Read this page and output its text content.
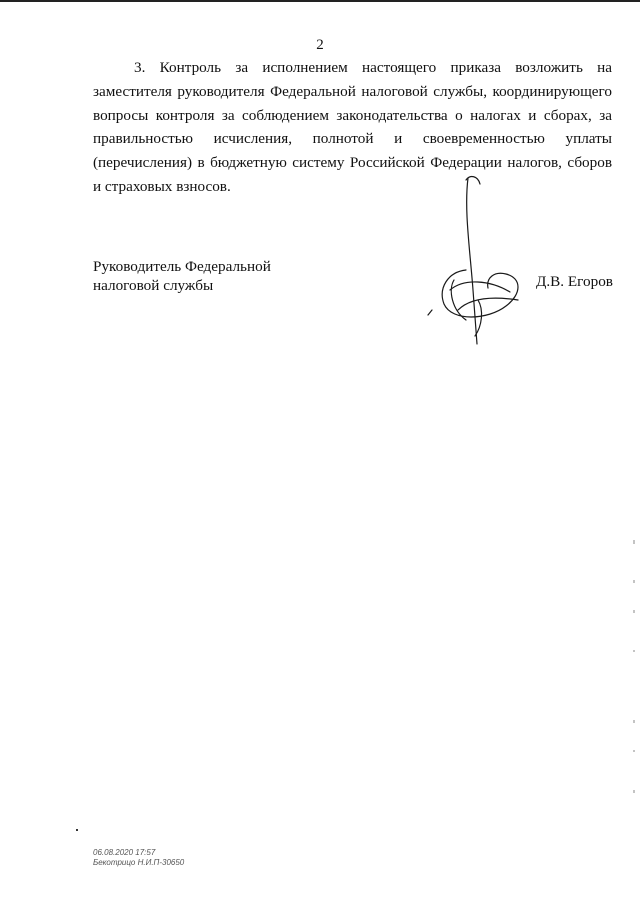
2
3. Контроль за исполнением настоящего приказа возложить на заместителя руководителя Федеральной налоговой службы, координирующего вопросы контроля за соблюдением законодательства о налогах и сборах, за правильностью исчисления, полнотой и своевременностью уплаты (перечисления) в бюджетную систему Российской Федерации налогов, сборов и страховых взносов.
Руководитель Федеральной
налоговой службы	Д.В. Егоров
06.08.2020 17:57
Бекотрицо Н.И.П-30650
